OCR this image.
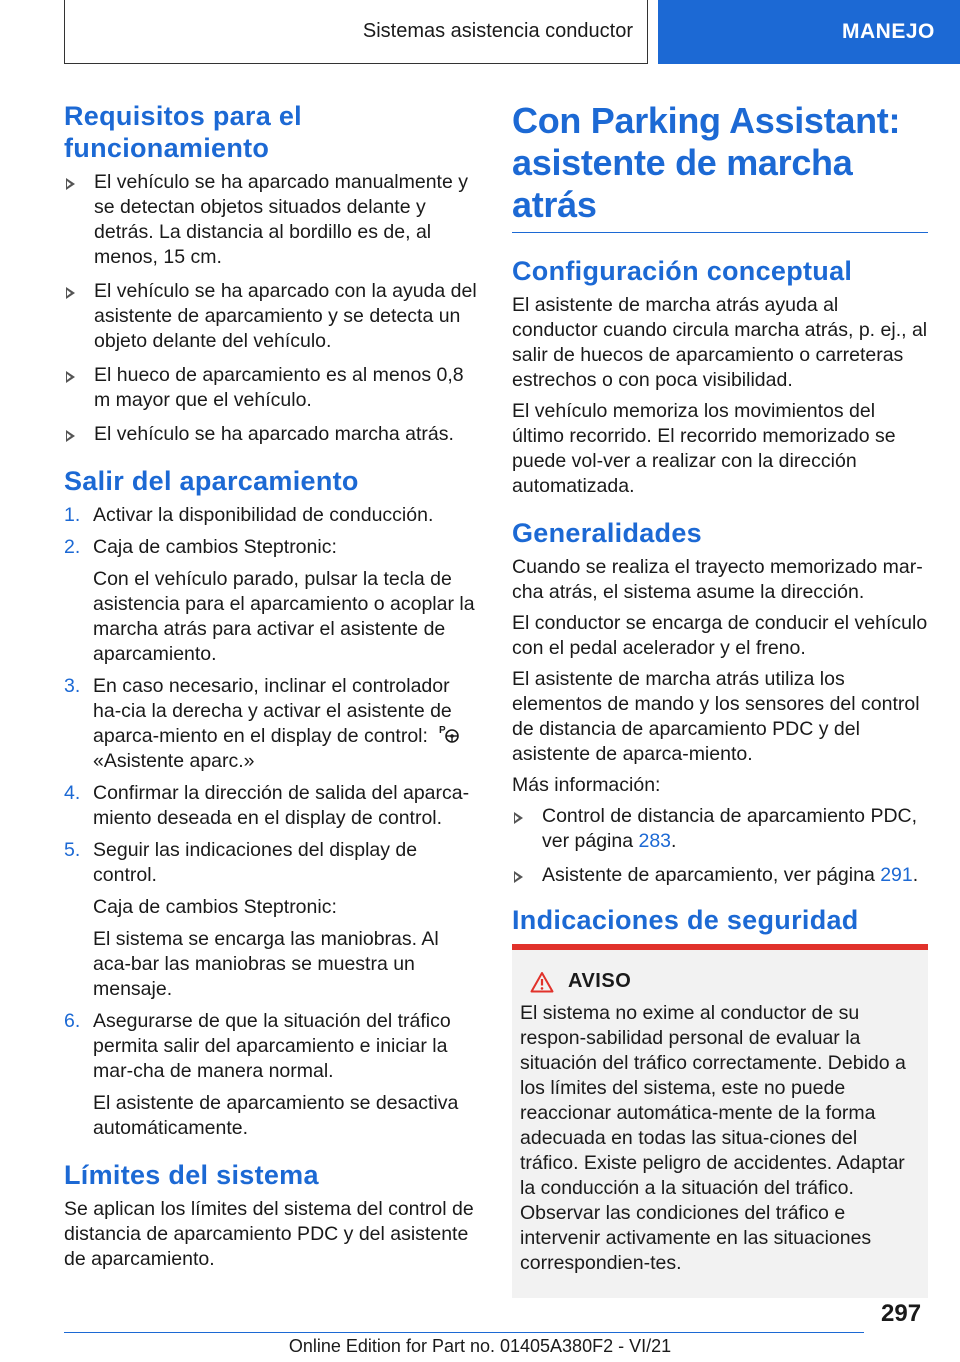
Sistemas asistencia conductor	MANEJO
Requisitos para el funcionamiento
El vehículo se ha aparcado manualmente y se detectan objetos situados delante y detrás. La distancia al bordillo es de, al menos, 15 cm.
El vehículo se ha aparcado con la ayuda del asistente de aparcamiento y se detecta un objeto delante del vehículo.
El hueco de aparcamiento es al menos 0,8 m mayor que el vehículo.
El vehículo se ha aparcado marcha atrás.
Salir del aparcamiento
1. Activar la disponibilidad de conducción.
2. Caja de cambios Steptronic:
Con el vehículo parado, pulsar la tecla de asistencia para el aparcamiento o acoplar la marcha atrás para activar el asistente de aparcamiento.
3. En caso necesario, inclinar el controlador ha-cia la derecha y activar el asistente de aparca-miento en el display de control: P
«Asistente aparc.»
4. Confirmar la dirección de salida del aparca-miento deseada en el display de control.
5. Seguir las indicaciones del display de control.
Caja de cambios Steptronic:
El sistema se encarga las maniobras. Al aca-bar las maniobras se muestra un mensaje.
6. Asegurarse de que la situación del tráfico permita salir del aparcamiento e iniciar la mar-cha de manera normal.
El asistente de aparcamiento se desactiva automáticamente.
Límites del sistema

Se aplican los límites del sistema del control de distancia de aparcamiento PDC y del asistente de aparcamiento.

Con Parking Assistant: asistente de marcha atrás
Configuración conceptual

El asistente de marcha atrás ayuda al conductor cuando circula marcha atrás, p. ej., al salir de huecos de aparcamiento o carreteras estrechos o con poca visibilidad.

El vehículo memoriza los movimientos del último recorrido. El recorrido memorizado se puede vol-ver a realizar con la dirección automatizada.

Generalidades

Cuando se realiza el trayecto memorizado mar-cha atrás, el sistema asume la dirección.

El conductor se encarga de conducir el vehículo con el pedal acelerador y el freno.

El asistente de marcha atrás utiliza los elementos de mando y los sensores del control de distancia de aparcamiento PDC y del asistente de aparca-miento.

Más información:

Control de distancia de aparcamiento PDC, ver página 283.
Asistente de aparcamiento, ver página 291.
Indicaciones de seguridad
AVISO

El sistema no exime al conductor de su respon-sabilidad personal de evaluar la situación del tráfico correctamente. Debido a los límites del sistema, este no puede reaccionar automática-mente de la forma adecuada en todas las situa-ciones del tráfico. Existe peligro de accidentes. Adaptar la conducción a la situación del tráfico. Observar las condiciones del tráfico e intervenir activamente en las situaciones correspondien-tes.

297
Online Edition for Part no. 01405A380F2 - VI/21
